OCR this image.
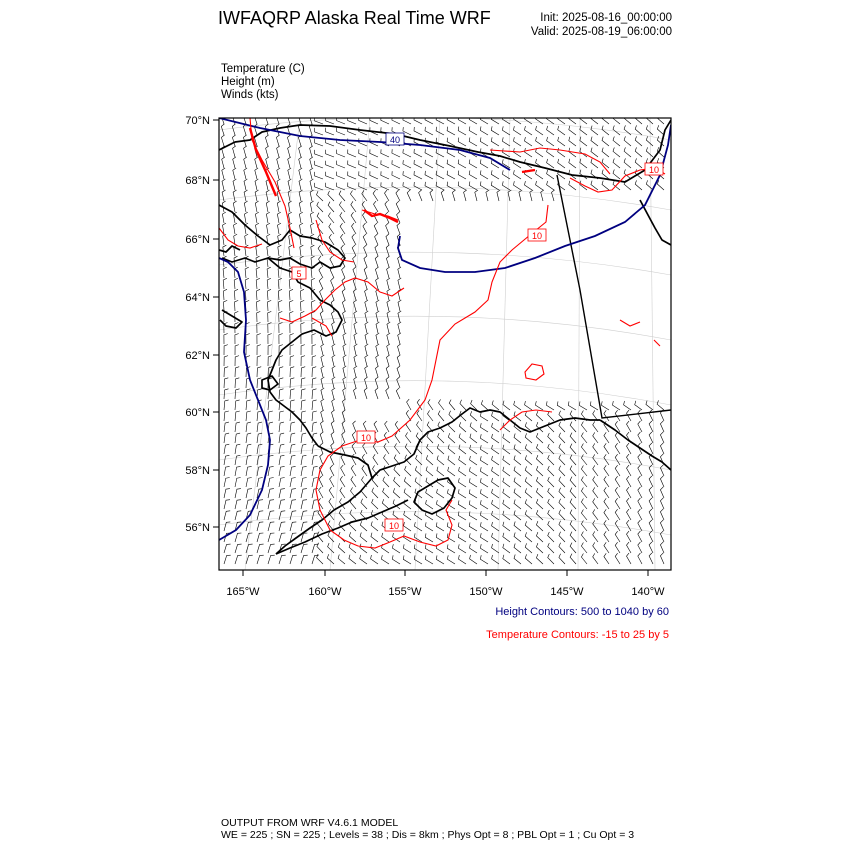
IWFAQRP Alaska Real Time WRF	Init: 2025-08-16_00:00:00
Valid: 2025-08-19_06:00:00
Temperature (C)
Height (m)
Winds (kts)
40
10
10
10
10
5
70°N
68°N
66°N
64°N
62°N
60°N
58°N
56°N
165°W	160°W	155°W	150°W	145°W	140°W
Height Contours: 500 to 1040 by 60
Temperature Contours: -15 to 25 by 5
OUTPUT FROM WRF V4.6.1 MODEL
WE = 225 ; SN = 225 ; Levels = 38 ; Dis = 8km ; Phys Opt = 8 ; PBL Opt = 1 ; Cu Opt = 3
